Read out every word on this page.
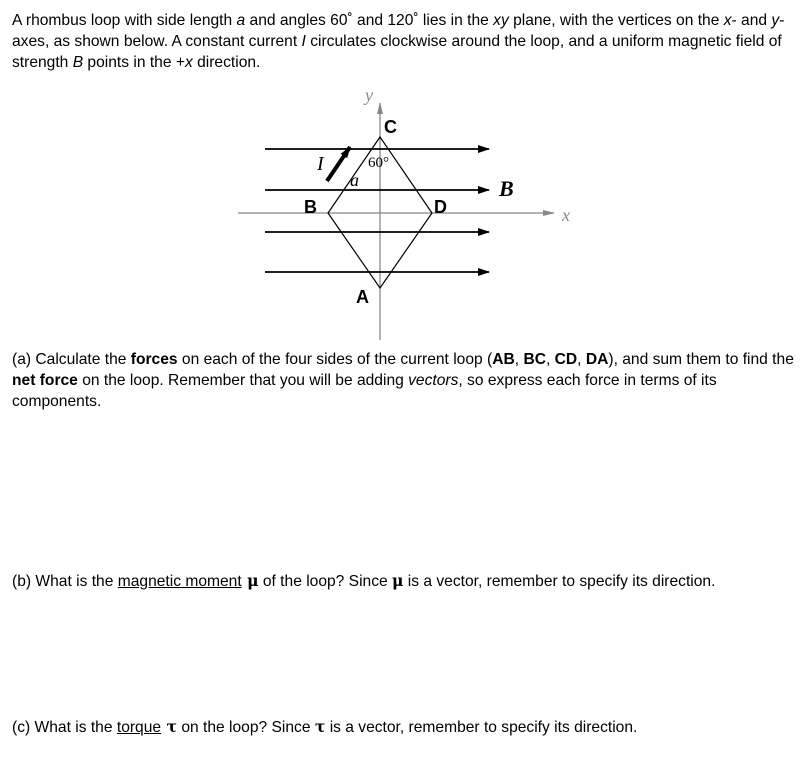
A rhombus loop with side length a and angles 60˚ and 120˚ lies in the xy plane, with the vertices on the x- and y- axes, as shown below. A constant current I circulates clockwise around the loop, and a uniform magnetic field of strength B points in the +x direction.
y
x
C
B	D
A
I
a
60°
B
(a) Calculate the forces on each of the four sides of the current loop (AB, BC, CD, DA), and sum them to find the net force on the loop. Remember that you will be adding vectors, so express each force in terms of its components.
(b) What is the magnetic moment μ of the loop? Since μ is a vector, remember to specify its direction.
(c) What is the torque τ on the loop? Since τ is a vector, remember to specify its direction.
